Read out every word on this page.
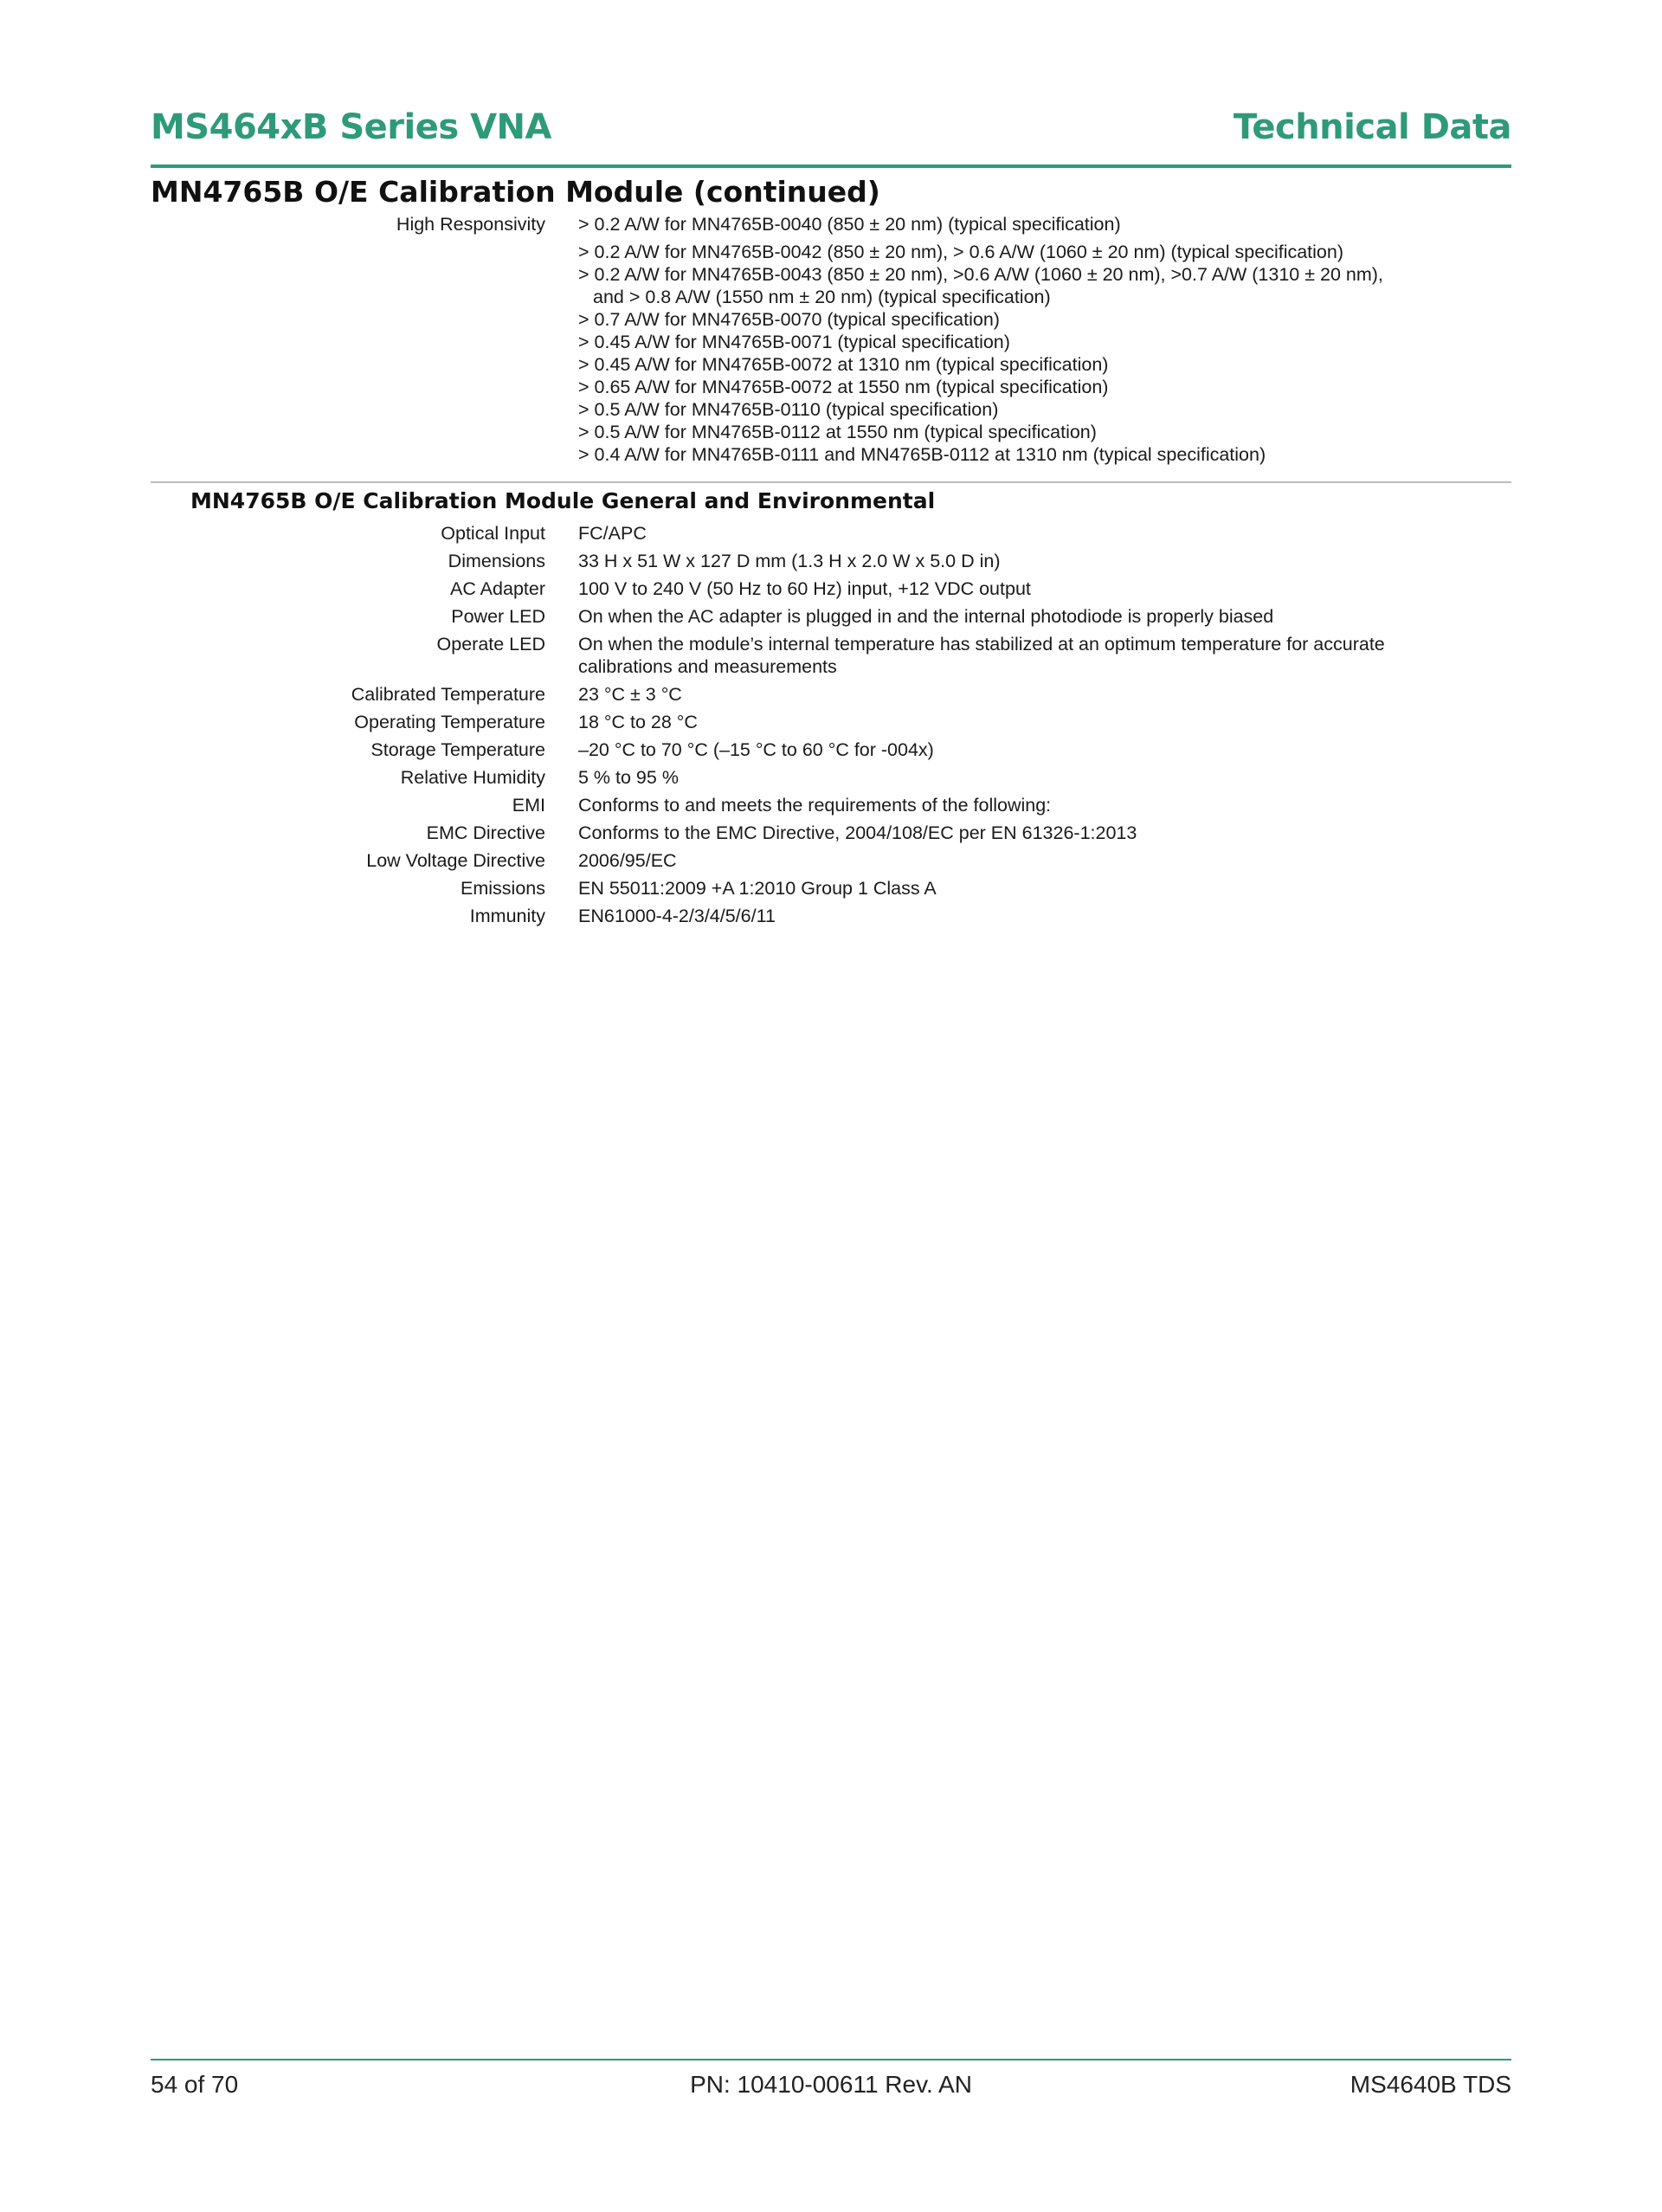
MS464xB Series VNA	Technical Data
MN4765B O/E Calibration Module (continued)
High Responsivity > 0.2 A/W for MN4765B-0040 (850 ± 20 nm) (typical specification)
> 0.2 A/W for MN4765B-0042 (850 ± 20 nm), > 0.6 A/W (1060 ± 20 nm) (typical specification)
> 0.2 A/W for MN4765B-0043 (850 ± 20 nm), >0.6 A/W (1060 ± 20 nm), >0.7 A/W (1310 ± 20 nm),
and > 0.8 A/W (1550 nm ± 20 nm) (typical specification)
> 0.7 A/W for MN4765B-0070 (typical specification)
> 0.45 A/W for MN4765B-0071 (typical specification)
> 0.45 A/W for MN4765B-0072 at 1310 nm (typical specification)
> 0.65 A/W for MN4765B-0072 at 1550 nm (typical specification)
> 0.5 A/W for MN4765B-0110 (typical specification)
> 0.5 A/W for MN4765B-0112 at 1550 nm (typical specification)
> 0.4 A/W for MN4765B-0111 and MN4765B-0112 at 1310 nm (typical specification)
MN4765B O/E Calibration Module General and Environmental
Optical Input FC/APC
Dimensions 33 H x 51 W x 127 D mm (1.3 H x 2.0 W x 5.0 D in)
AC Adapter 100 V to 240 V (50 Hz to 60 Hz) input, +12 VDC output
Power LED On when the AC adapter is plugged in and the internal photodiode is properly biased
Operate LED On when the module’s internal temperature has stabilized at an optimum temperature for accurate
calibrations and measurements
Calibrated Temperature 23 °C ± 3 °C
Operating Temperature 18 °C to 28 °C
Storage Temperature –20 °C to 70 °C (–15 °C to 60 °C for -004x)
Relative Humidity 5 % to 95 %
EMI Conforms to and meets the requirements of the following:
EMC Directive Conforms to the EMC Directive, 2004/108/EC per EN 61326-1:2013
Low Voltage Directive 2006/95/EC
Emissions EN 55011:2009 +A 1:2010 Group 1 Class A
Immunity EN61000-4-2/3/4/5/6/11
54 of 70	PN: 10410-00611 Rev. AN	MS4640B TDS
